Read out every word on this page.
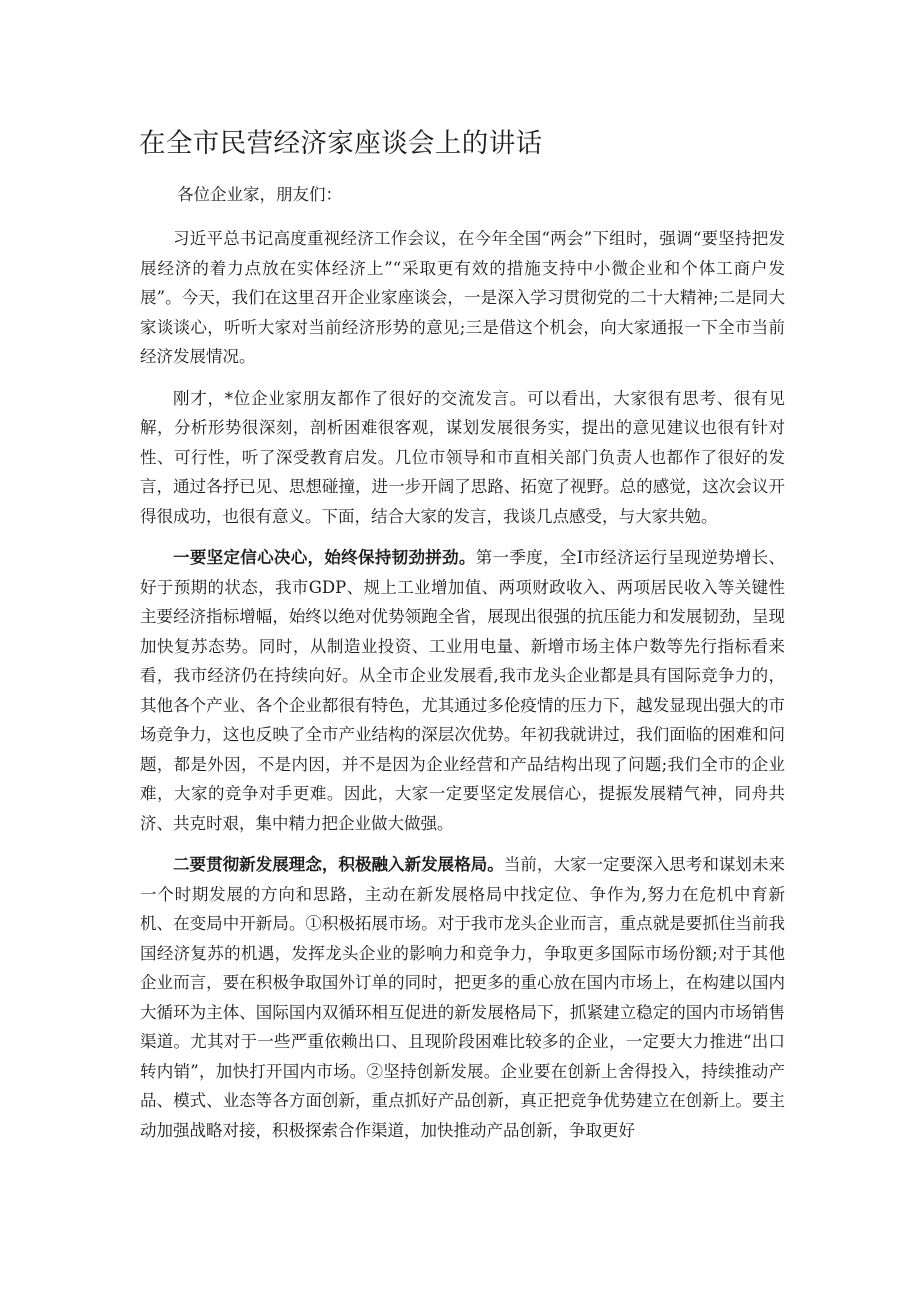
在全市民营经济家座谈会上的讲话

各位企业家，朋友们：

习近平总书记高度重视经济工作会议，在今年全国“两会”下组时，强调“要坚持把发展经济的着力点放在实体经济上”“采取更有效的措施支持中小微企业和个体工商户发展”。今天，我们在这里召开企业家座谈会，一是深入学习贯彻党的二十大精神;二是同大家谈谈心，听听大家对当前经济形势的意见;三是借这个机会，向大家通报一下全市当前经济发展情况。

刚才，*位企业家朋友都作了很好的交流发言。可以看出，大家很有思考、很有见解，分析形势很深刻，剖析困难很客观，谋划发展很务实，提出的意见建议也很有针对性、可行性，听了深受教育启发。几位市领导和市直相关部门负责人也都作了很好的发言，通过各抒已见、思想碰撞，进一步开阔了思路、拓宽了视野。总的感觉，这次会议开得很成功，也很有意义。下面，结合大家的发言，我谈几点感受，与大家共勉。

一要坚定信心决心，始终保持韧劲拼劲。第一季度，全I市经济运行呈现逆势增长、好于预期的状态，我市GDP、规上工业增加值、两项财政收入、两项居民收入等关键性主要经济指标增幅，始终以绝对优势领跑全省，展现出很强的抗压能力和发展韧劲，呈现加快复苏态势。同时，从制造业投资、工业用电量、新增市场主体户数等先行指标看来看，我市经济仍在持续向好。从全市企业发展看,我市龙头企业都是具有国际竞争力的，其他各个产业、各个企业都很有特色，尤其通过多伦疫情的压力下，越发显现出强大的市场竞争力，这也反映了全市产业结构的深层次优势。年初我就讲过，我们面临的困难和问题，都是外因，不是内因，并不是因为企业经营和产品结构出现了问题;我们全市的企业难，大家的竞争对手更难。因此，大家一定要坚定发展信心，提振发展精气神，同舟共济、共克时艰，集中精力把企业做大做强。

二要贯彻新发展理念，积极融入新发展格局。当前，大家一定要深入思考和谋划未来一个时期发展的方向和思路，主动在新发展格局中找定位、争作为,努力在危机中育新机、在变局中开新局。①积极拓展市场。对于我市龙头企业而言，重点就是要抓住当前我国经济复苏的机遇，发挥龙头企业的影响力和竞争力，争取更多国际市场份额;对于其他企业而言，要在积极争取国外订单的同时，把更多的重心放在国内市场上，在构建以国内大循环为主体、国际国内双循环相互促进的新发展格局下，抓紧建立稳定的国内市场销售渠道。尤其对于一些严重依赖出口、且现阶段困难比较多的企业，一定要大力推进“出口转内销”，加快打开国内市场。②坚持创新发展。企业要在创新上舍得投入，持续推动产品、模式、业态等各方面创新，重点抓好产品创新，真正把竞争优势建立在创新上。要主动加强战略对接，积极探索合作渠道，加快推动产品创新，争取更好
